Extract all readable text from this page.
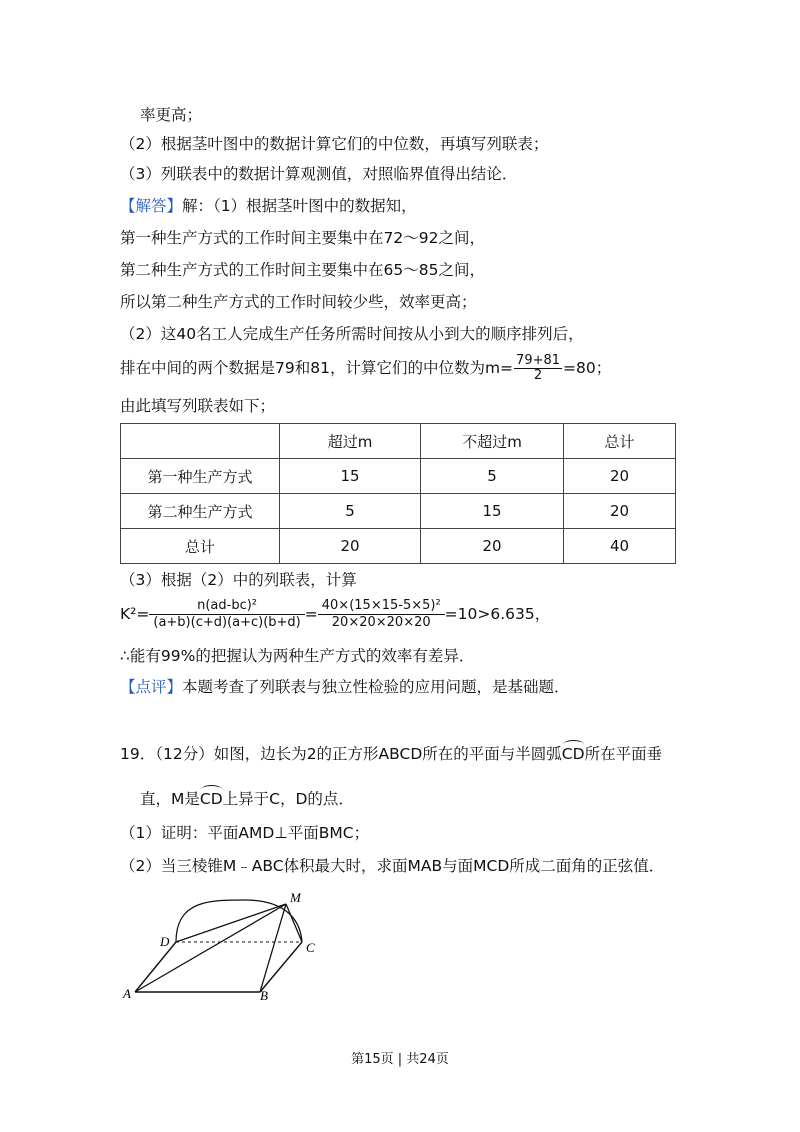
率更高；
（2）根据茎叶图中的数据计算它们的中位数，再填写列联表；
（3）列联表中的数据计算观测值，对照临界值得出结论．
【解答】解：（1）根据茎叶图中的数据知，
第一种生产方式的工作时间主要集中在72～92之间，
第二种生产方式的工作时间主要集中在65～85之间，
所以第二种生产方式的工作时间较少些，效率更高；
（2）这40名工人完成生产任务所需时间按从小到大的顺序排列后，
排在中间的两个数据是79和81，计算它们的中位数为$m= \frac{79+81}{2} =80$；
由此填写列联表如下；
	超过m	不超过m	总计
第一种生产方式	15	5	20
第二种生产方式	5	15	20
总计	20	20	40
（3）根据（2）中的列联表，计算
$K^2= \frac{\text{n(ad-bc)²}}{(a+b)(c+d)(a+c)(b+d)} = \frac{\text{40×(15×15-5×5)²}}{20\times 20\times 20\times 20} =10>6.635$，
∴能有99%的把握认为两种生产方式的效率有差异．
【点评】本题考查了列联表与独立性检验的应用问题，是基础题．
19．（12分）如图，边长为2的正方形ABCD所在的平面与半圆弧CD所在平面垂
直，M是CD上异于C，D的点．
（1）证明：平面AMD⊥平面BMC；
（2）当三棱锥M﹣ABC体积最大时，求面MAB与面MCD所成二面角的正弦值．
M
D	C
A	B
第15页 | 共24页
